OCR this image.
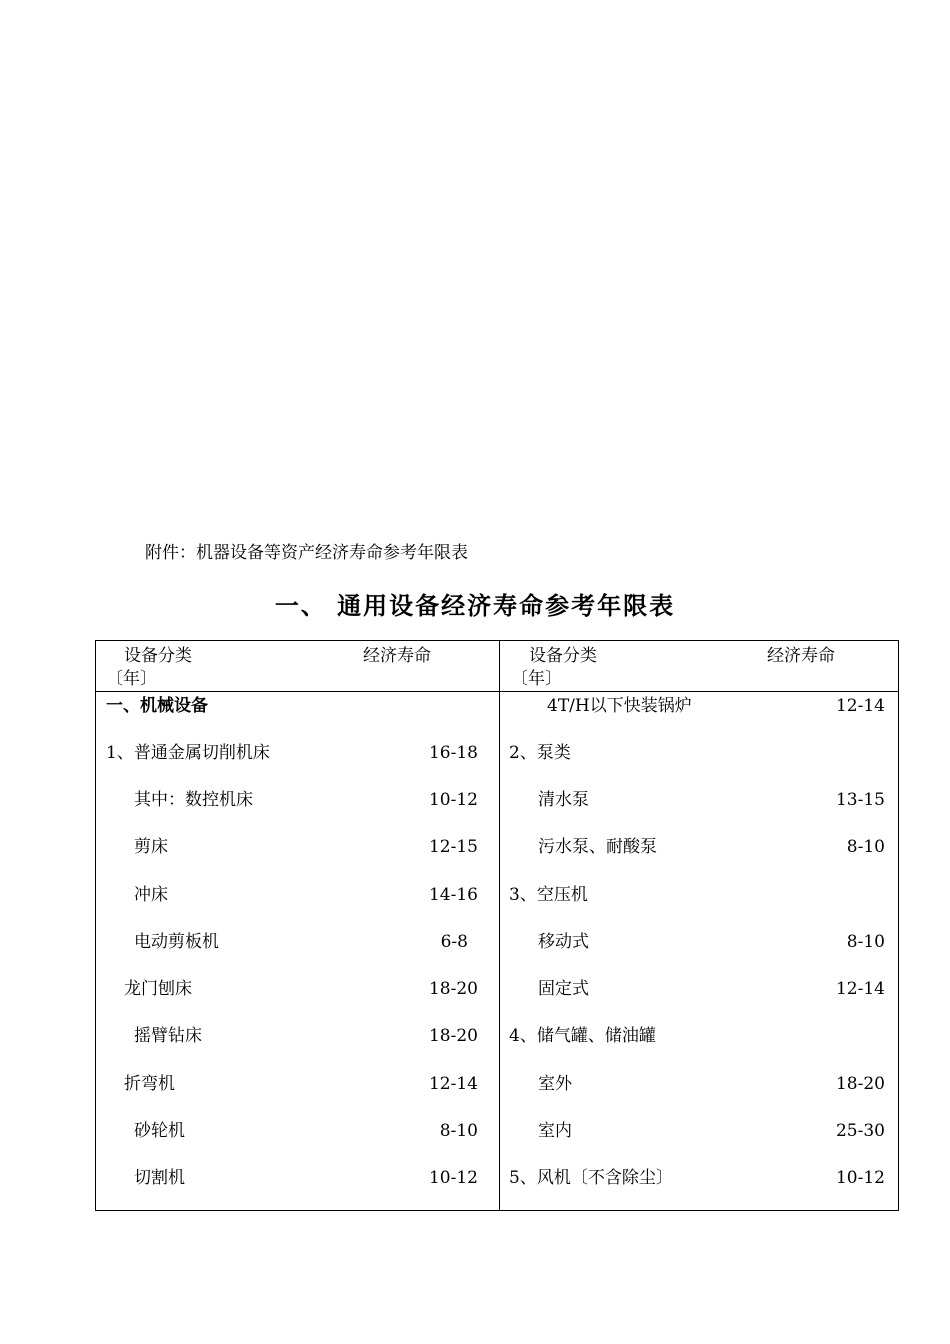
附件：机器设备等资产经济寿命参考年限表
一、 通用设备经济寿命参考年限表
设备分类	经济寿命
〔年〕
设备分类	经济寿命
〔年〕
一、机械设备
1、普通金属切削机床	16-18
其中：数控机床	10-12
剪床	12-15
冲床	14-16
电动剪板机	6-8
龙门刨床	18-20
摇臂钻床	18-20
折弯机	12-14
砂轮机	8-10
切割机	10-12
4T/H以下快装锅炉	12-14
2、泵类
清水泵	13-15
污水泵、耐酸泵	8-10
3、空压机
移动式	8-10
固定式	12-14
4、储气罐、储油罐
室外	18-20
室内	25-30
5、风机〔不含除尘〕	10-12
